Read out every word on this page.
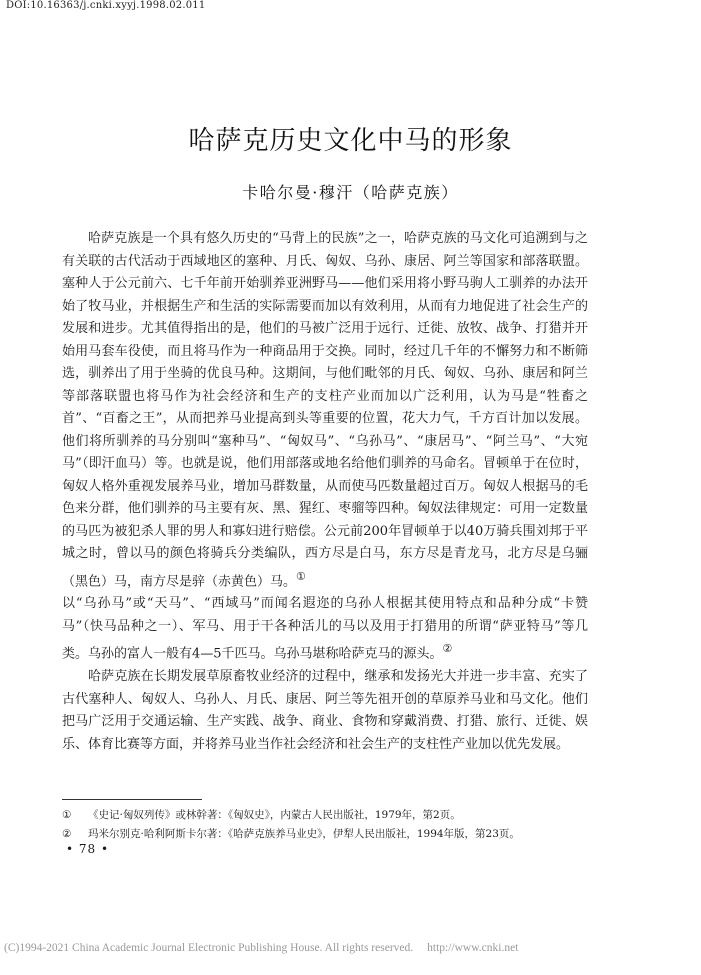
DOI:10.16363/j.cnki.xyyj.1998.02.011
哈萨克历史文化中马的形象
卡哈尔曼·穆汗（哈萨克族）

哈萨克族是一个具有悠久历史的“马背上的民族”之一，哈萨克族的马文化可追溯到与之有关联的古代活动于西域地区的塞种、月氏、匈奴、乌孙、康居、阿兰等国家和部落联盟。塞种人于公元前六、七千年前开始驯养亚洲野马——他们采用将小野马驹人工驯养的办法开始了牧马业，并根据生产和生活的实际需要而加以有效利用，从而有力地促进了社会生产的发展和进步。尤其值得指出的是，他们的马被广泛用于远行、迁徙、放牧、战争、打猎并开始用马套车役使，而且将马作为一种商品用于交换。同时，经过几千年的不懈努力和不断筛选，驯养出了用于坐骑的优良马种。这期间，与他们毗邻的月氏、匈奴、乌孙、康居和阿兰等部落联盟也将马作为社会经济和生产的支柱产业而加以广泛利用，认为马是“牲畜之首”、“百畜之王”，从而把养马业提高到头等重要的位置，花大力气，千方百计加以发展。他们将所驯养的马分别叫“塞种马”、“匈奴马”、“乌孙马”、“康居马”、“阿兰马”、“大宛马”（即汗血马）等。也就是说，他们用部落或地名给他们驯养的马命名。冒顿单于在位时，匈奴人格外重视发展养马业，增加马群数量，从而使马匹数量超过百万。匈奴人根据马的毛色来分群，他们驯养的马主要有灰、黑、猩红、枣骝等四种。匈奴法律规定：可用一定数量的马匹为被犯杀人罪的男人和寡妇进行赔偿。公元前200年冒顿单于以40万骑兵围刘邦于平城之时，曾以马的颜色将骑兵分类编队，西方尽是白马，东方尽是青龙马，北方尽是乌骊（黑色）马，南方尽是骍（赤黄色）马。①

以“乌孙马”或“天马”、“西域马”而闻名遐迩的乌孙人根据其使用特点和品种分成“卡赞马”（快马品种之一）、军马、用于干各种活儿的马以及用于打猎用的所谓“萨亚特马”等几类。乌孙的富人一般有4—5千匹马。乌孙马堪称哈萨克马的源头。②

哈萨克族在长期发展草原畜牧业经济的过程中，继承和发扬光大并进一步丰富、充实了古代塞种人、匈奴人、乌孙人、月氏、康居、阿兰等先祖开创的草原养马业和马文化。他们把马广泛用于交通运输、生产实践、战争、商业、食物和穿戴消费、打猎、旅行、迁徙、娱乐、体育比赛等方面，并将养马业当作社会经济和社会生产的支柱性产业加以优先发展。

①	《史记·匈奴列传》或林幹著：《匈奴史》，内蒙古人民出版社，1979年，第2页。
②	玛米尔别克·哈利阿斯卡尔著：《哈萨克族养马业史》，伊犁人民出版社，1994年版，第23页。
• 78 •
(C)1994-2021 China Academic Journal Electronic Publishing House. All rights reserved. http://www.cnki.net
